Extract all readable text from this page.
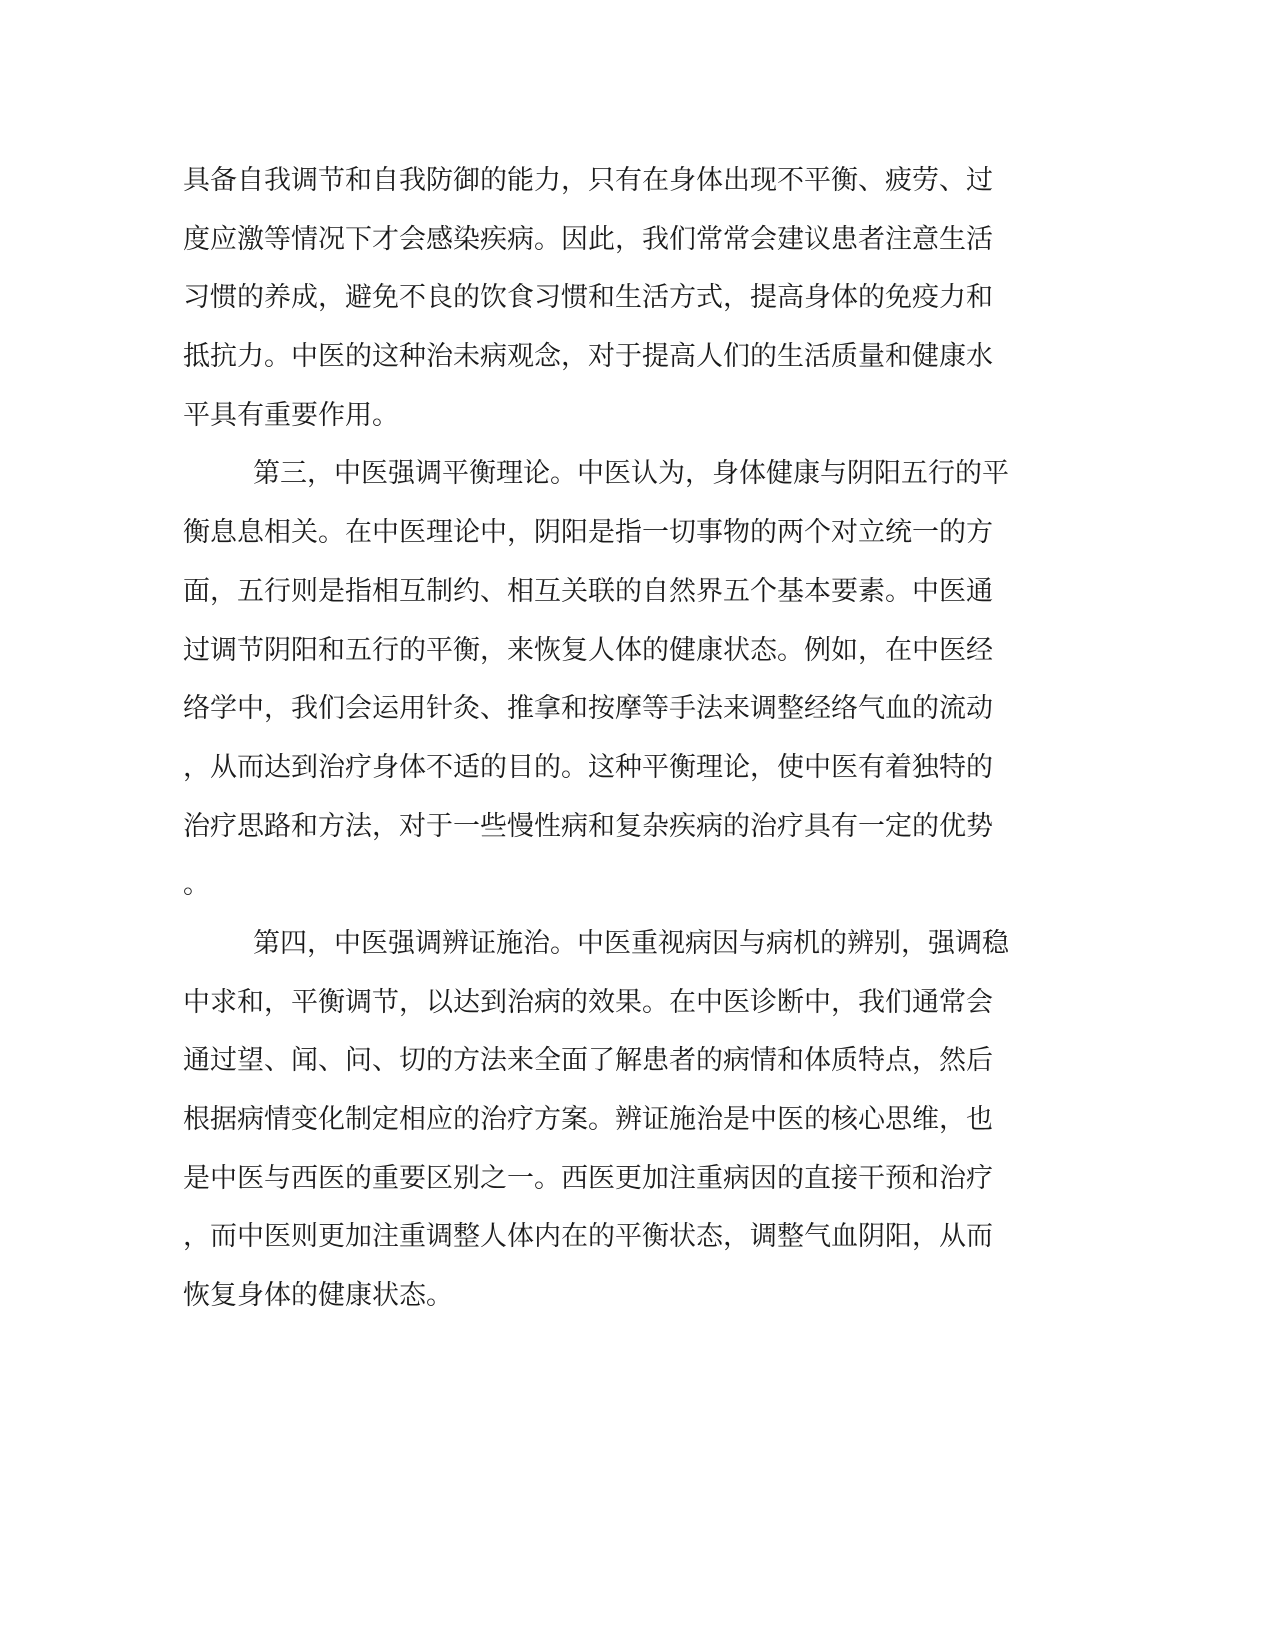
具备自我调节和自我防御的能力，只有在身体出现不平衡、疲劳、过
度应激等情况下才会感染疾病。因此，我们常常会建议患者注意生活
习惯的养成，避免不良的饮食习惯和生活方式，提高身体的免疫力和
抵抗力。中医的这种治未病观念，对于提高人们的生活质量和健康水
平具有重要作用。
第三，中医强调平衡理论。中医认为，身体健康与阴阳五行的平
衡息息相关。在中医理论中，阴阳是指一切事物的两个对立统一的方
面，五行则是指相互制约、相互关联的自然界五个基本要素。中医通
过调节阴阳和五行的平衡，来恢复人体的健康状态。例如，在中医经
络学中，我们会运用针灸、推拿和按摩等手法来调整经络气血的流动
，从而达到治疗身体不适的目的。这种平衡理论，使中医有着独特的
治疗思路和方法，对于一些慢性病和复杂疾病的治疗具有一定的优势
。
第四，中医强调辨证施治。中医重视病因与病机的辨别，强调稳
中求和，平衡调节，以达到治病的效果。在中医诊断中，我们通常会
通过望、闻、问、切的方法来全面了解患者的病情和体质特点，然后
根据病情变化制定相应的治疗方案。辨证施治是中医的核心思维，也
是中医与西医的重要区别之一。西医更加注重病因的直接干预和治疗
，而中医则更加注重调整人体内在的平衡状态，调整气血阴阳，从而
恢复身体的健康状态。
